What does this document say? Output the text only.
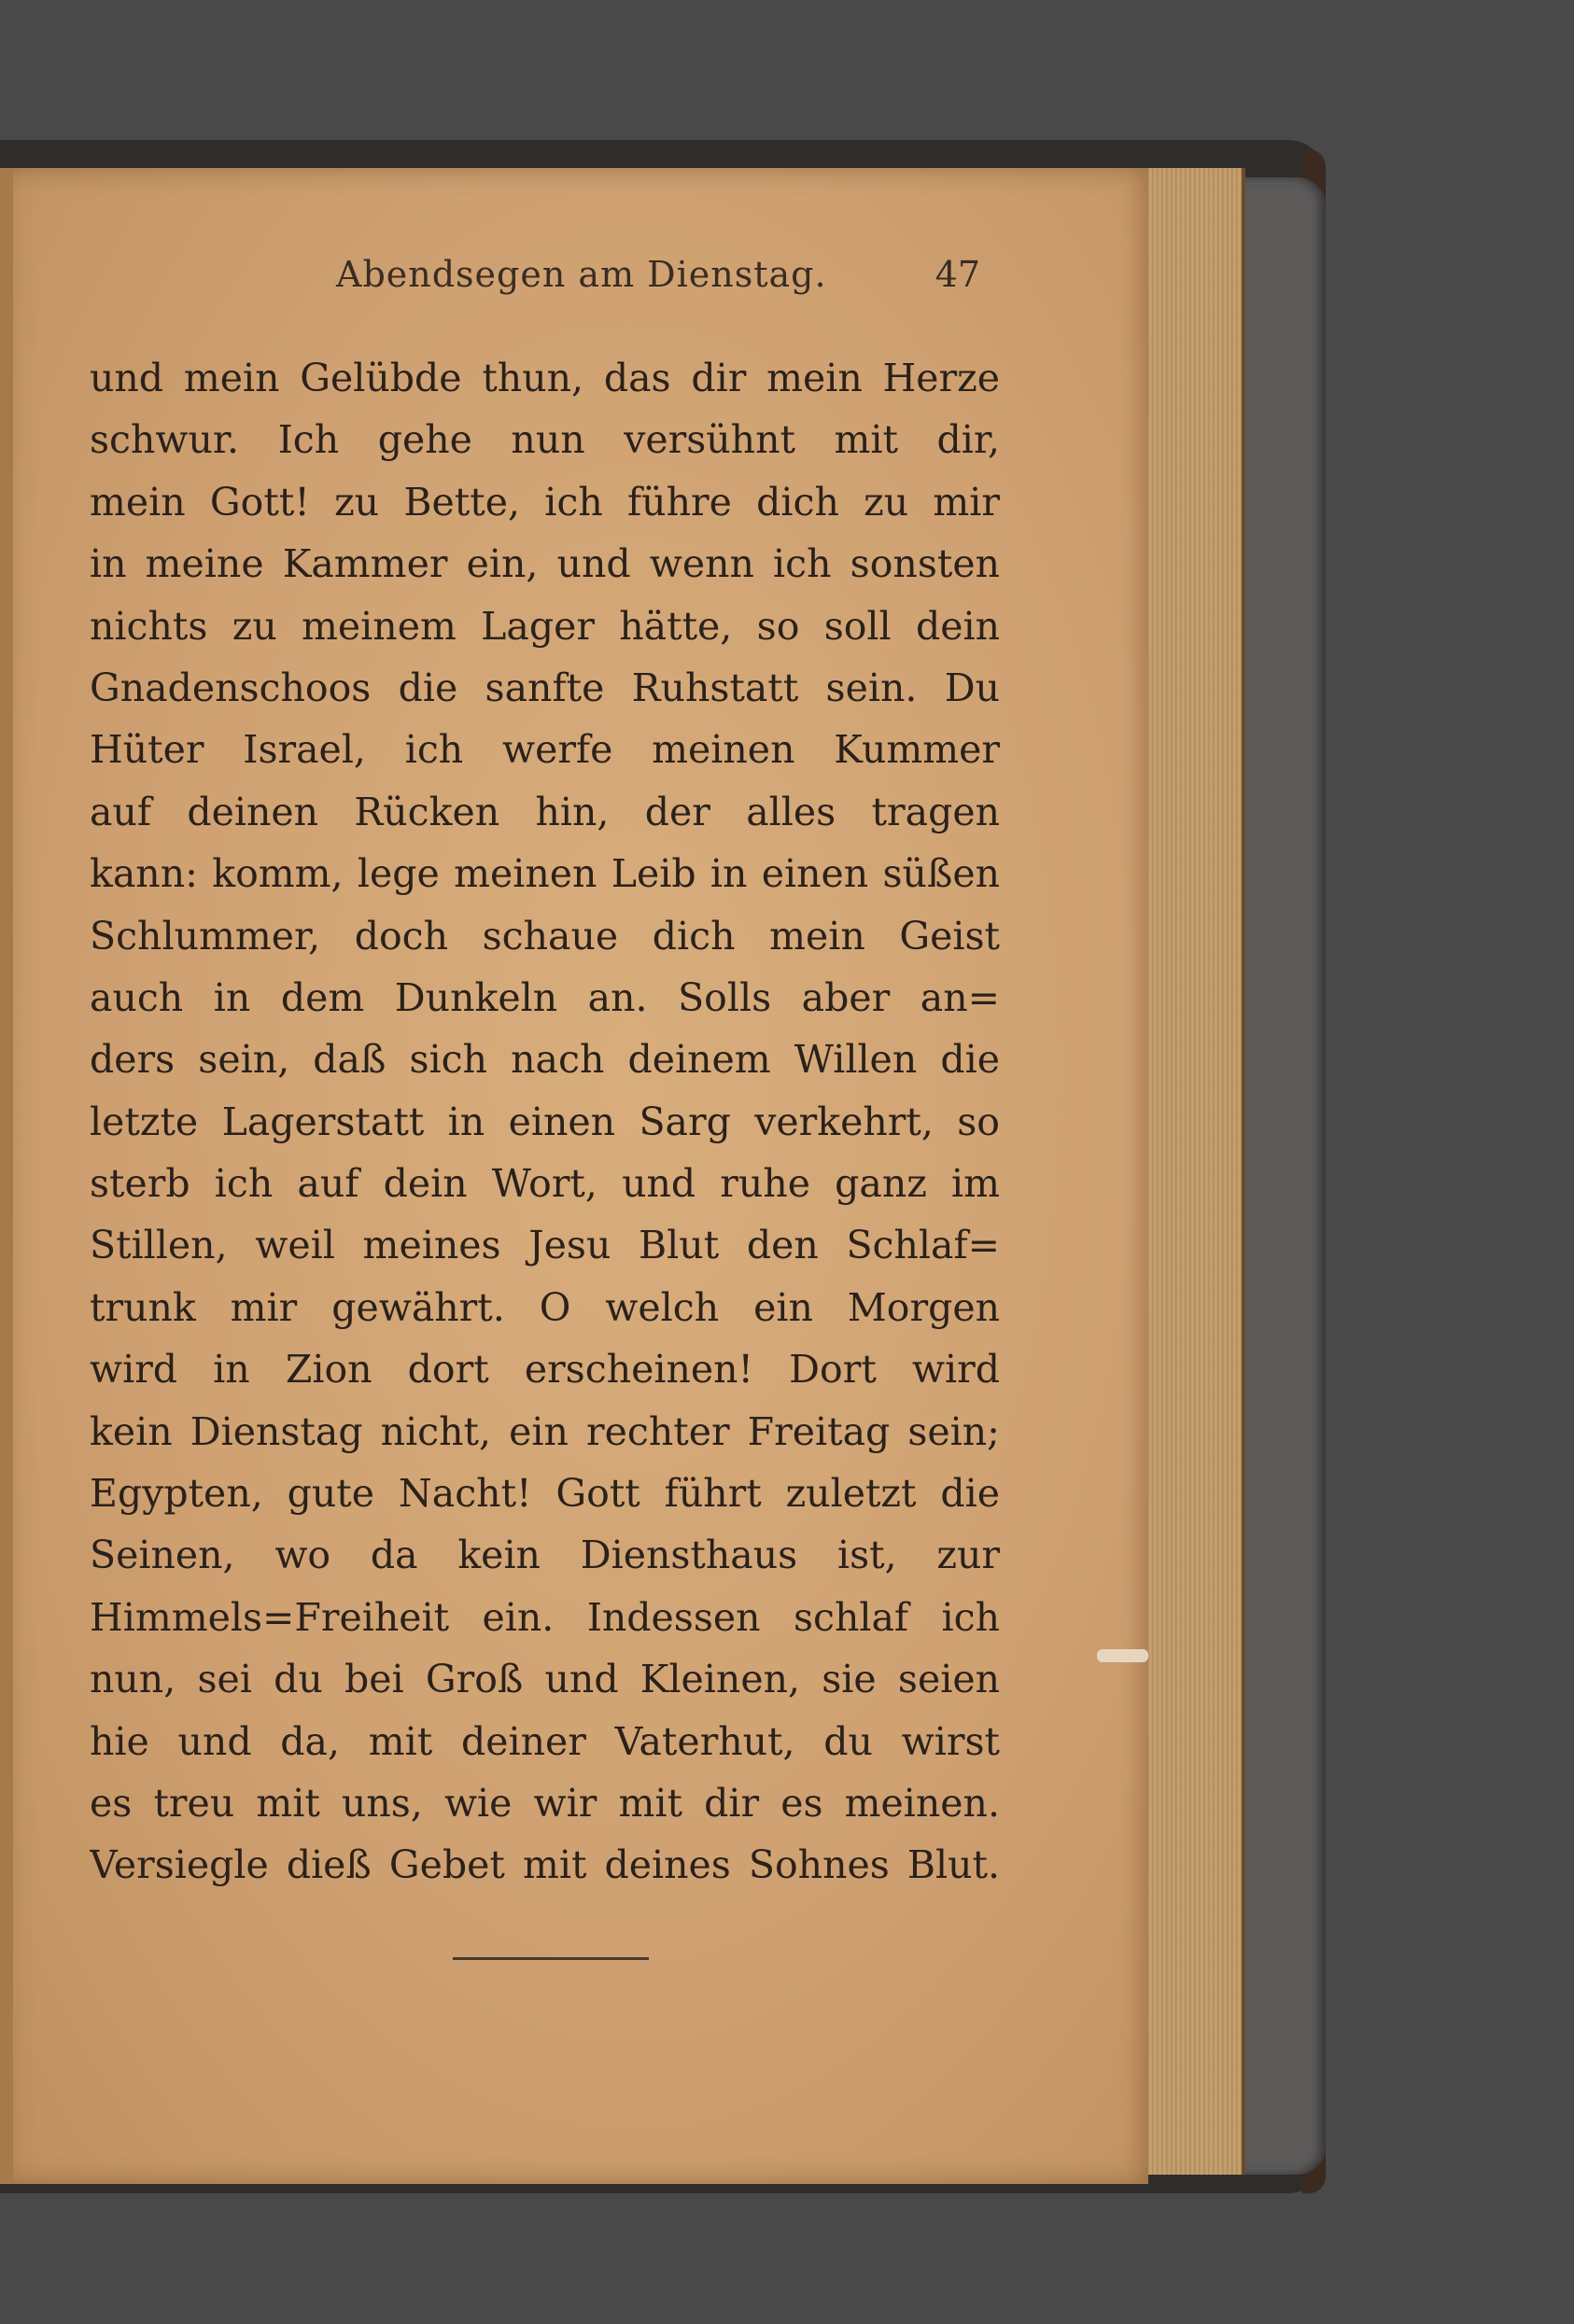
Abendsegen am Dienstag.	47
und mein Gelübde thun, das dir mein Herze
schwur. Ich gehe nun versühnt mit dir,
mein Gott! zu Bette, ich führe dich zu mir
in meine Kammer ein, und wenn ich sonsten
nichts zu meinem Lager hätte, so soll dein
Gnadenschoos die sanfte Ruhstatt sein. Du
Hüter Israel, ich werfe meinen Kummer
auf deinen Rücken hin, der alles tragen
kann: komm, lege meinen Leib in einen süßen
Schlummer, doch schaue dich mein Geist
auch in dem Dunkeln an. Solls aber an=
ders sein, daß sich nach deinem Willen die
letzte Lagerstatt in einen Sarg verkehrt, so
sterb ich auf dein Wort, und ruhe ganz im
Stillen, weil meines Jesu Blut den Schlaf=
trunk mir gewährt. O welch ein Morgen
wird in Zion dort erscheinen! Dort wird
kein Dienstag nicht, ein rechter Freitag sein;
Egypten, gute Nacht! Gott führt zuletzt die
Seinen, wo da kein Diensthaus ist, zur
Himmels=Freiheit ein. Indessen schlaf ich
nun, sei du bei Groß und Kleinen, sie seien
hie und da, mit deiner Vaterhut, du wirst
es treu mit uns, wie wir mit dir es meinen.
Versiegle dieß Gebet mit deines Sohnes Blut.
